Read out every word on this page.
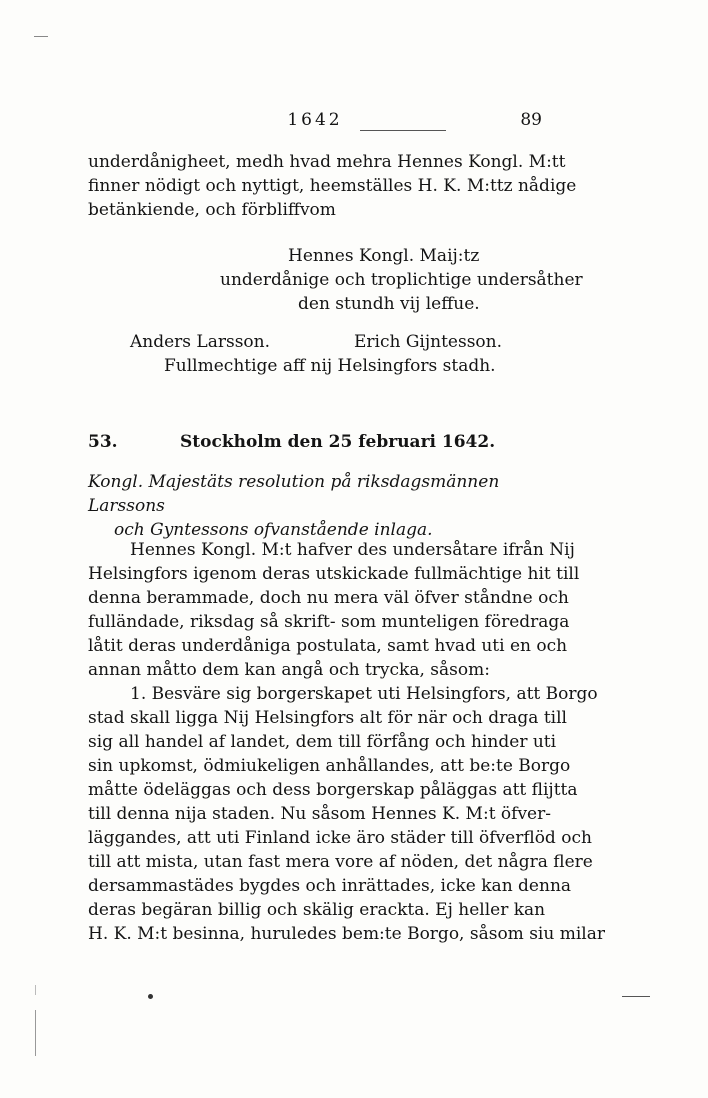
1642	89
underdånigheet, medh hvad mehra Hennes Kongl. M:tt
finner nödigt och nyttigt, heemställes H. K. M:ttz nådige
betänkiende, och förbliffvom
Hennes Kongl. Maij:tz
underdånige och troplichtige undersåther
den stundh vij leffue.
Anders Larsson.	Erich Gijntesson.
Fullmechtige aff nij Helsingfors stadh.
53.	Stockholm den 25 februari 1642.
Kongl. Majestäts resolution på riksdagsmännen Larssons
och Gyntessons ofvanstående inlaga.
Hennes Kongl. M:t hafver des undersåtare ifrån Nij
Helsingfors igenom deras utskickade fullmächtige hit till
denna berammade, doch nu mera väl öfver ståndne och
fulländade, riksdag så skrift- som munteligen föredraga
låtit deras underdåniga postulata, samt hvad uti en och
annan måtto dem kan angå och trycka, såsom:
1. Besväre sig borgerskapet uti Helsingfors, att Borgo
stad skall ligga Nij Helsingfors alt för när och draga till
sig all handel af landet, dem till förfång och hinder uti
sin upkomst, ödmiukeligen anhållandes, att be:te Borgo
måtte ödeläggas och dess borgerskap påläggas att flijtta
till denna nija staden. Nu såsom Hennes K. M:t öfver-
läggandes, att uti Finland icke äro städer till öfverflöd och
till att mista, utan fast mera vore af nöden, det några flere
dersammastädes bygdes och inrättades, icke kan denna
deras begäran billig och skälig erackta. Ej heller kan
H. K. M:t besinna, huruledes bem:te Borgo, såsom siu milar
